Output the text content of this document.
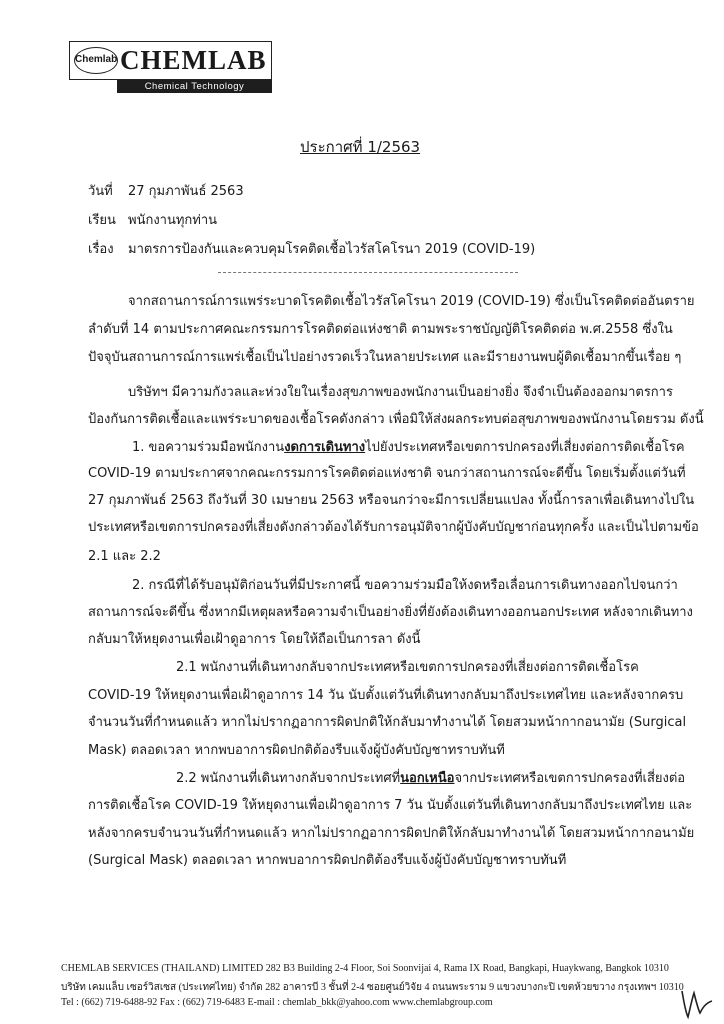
Chemlab CHEMLAB
Chemical Technology
ประกาศที่ 1/2563
วันที่ 27 กุมภาพันธ์ 2563
เรียน พนักงานทุกท่าน
เรื่อง มาตรการป้องกันและควบคุมโรคติดเชื้อไวรัสโคโรนา 2019 (COVID-19)
จากสถานการณ์การแพร่ระบาดโรคติดเชื้อไวรัสโคโรนา 2019 (COVID-19) ซึ่งเป็นโรคติดต่ออันตราย
ลำดับที่ 14 ตามประกาศคณะกรรมการโรคติดต่อแห่งชาติ ตามพระราชบัญญัติโรคติดต่อ พ.ศ.2558 ซึ่งใน
ปัจจุบันสถานการณ์การแพร่เชื้อเป็นไปอย่างรวดเร็วในหลายประเทศ และมีรายงานพบผู้ติดเชื้อมากขึ้นเรื่อย ๆ
บริษัทฯ มีความกังวลและห่วงใยในเรื่องสุขภาพของพนักงานเป็นอย่างยิ่ง จึงจำเป็นต้องออกมาตรการ
ป้องกันการติดเชื้อและแพร่ระบาดของเชื้อโรคดังกล่าว เพื่อมิให้ส่งผลกระทบต่อสุขภาพของพนักงานโดยรวม ดังนี้
1. ขอความร่วมมือพนักงานงดการเดินทางไปยังประเทศหรือเขตการปกครองที่เสี่ยงต่อการติดเชื้อโรค
COVID-19 ตามประกาศจากคณะกรรมการโรคติดต่อแห่งชาติ จนกว่าสถานการณ์จะดีขึ้น โดยเริ่มตั้งแต่วันที่
27 กุมภาพันธ์ 2563 ถึงวันที่ 30 เมษายน 2563 หรือจนกว่าจะมีการเปลี่ยนแปลง ทั้งนี้การลาเพื่อเดินทางไปใน
ประเทศหรือเขตการปกครองที่เสี่ยงดังกล่าวต้องได้รับการอนุมัติจากผู้บังคับบัญชาก่อนทุกครั้ง และเป็นไปตามข้อ
2.1 และ 2.2
2. กรณีที่ได้รับอนุมัติก่อนวันที่มีประกาศนี้ ขอความร่วมมือให้งดหรือเลื่อนการเดินทางออกไปจนกว่า
สถานการณ์จะดีขึ้น ซึ่งหากมีเหตุผลหรือความจำเป็นอย่างยิ่งที่ยังต้องเดินทางออกนอกประเทศ หลังจากเดินทาง
กลับมาให้หยุดงานเพื่อเฝ้าดูอาการ โดยให้ถือเป็นการลา ดังนี้
2.1 พนักงานที่เดินทางกลับจากประเทศหรือเขตการปกครองที่เสี่ยงต่อการติดเชื้อโรค
COVID-19 ให้หยุดงานเพื่อเฝ้าดูอาการ 14 วัน นับตั้งแต่วันที่เดินทางกลับมาถึงประเทศไทย และหลังจากครบ
จำนวนวันที่กำหนดแล้ว หากไม่ปรากฏอาการผิดปกติให้กลับมาทำงานได้ โดยสวมหน้ากากอนามัย (Surgical
Mask) ตลอดเวลา หากพบอาการผิดปกติต้องรีบแจ้งผู้บังคับบัญชาทราบทันที
2.2 พนักงานที่เดินทางกลับจากประเทศที่นอกเหนือจากประเทศหรือเขตการปกครองที่เสี่ยงต่อ
การติดเชื้อโรค COVID-19 ให้หยุดงานเพื่อเฝ้าดูอาการ 7 วัน นับตั้งแต่วันที่เดินทางกลับมาถึงประเทศไทย และ
หลังจากครบจำนวนวันที่กำหนดแล้ว หากไม่ปรากฏอาการผิดปกติให้กลับมาทำงานได้ โดยสวมหน้ากากอนามัย
(Surgical Mask) ตลอดเวลา หากพบอาการผิดปกติต้องรีบแจ้งผู้บังคับบัญชาทราบทันที
CHEMLAB SERVICES (THAILAND) LIMITED 282 B3 Building 2-4 Floor, Soi Soonvijai 4, Rama IX Road, Bangkapi, Huaykwang, Bangkok 10310
บริษัท เคมแล็บ เซอร์วิสเซส (ประเทศไทย) จำกัด 282 อาคารบี 3 ชั้นที่ 2-4 ซอยศูนย์วิจัย 4 ถนนพระราม 9 แขวงบางกะปิ เขตห้วยขวาง กรุงเทพฯ 10310
Tel : (662) 719-6488-92 Fax : (662) 719-6483 E-mail : chemlab_bkk@yahoo.com www.chemlabgroup.com
